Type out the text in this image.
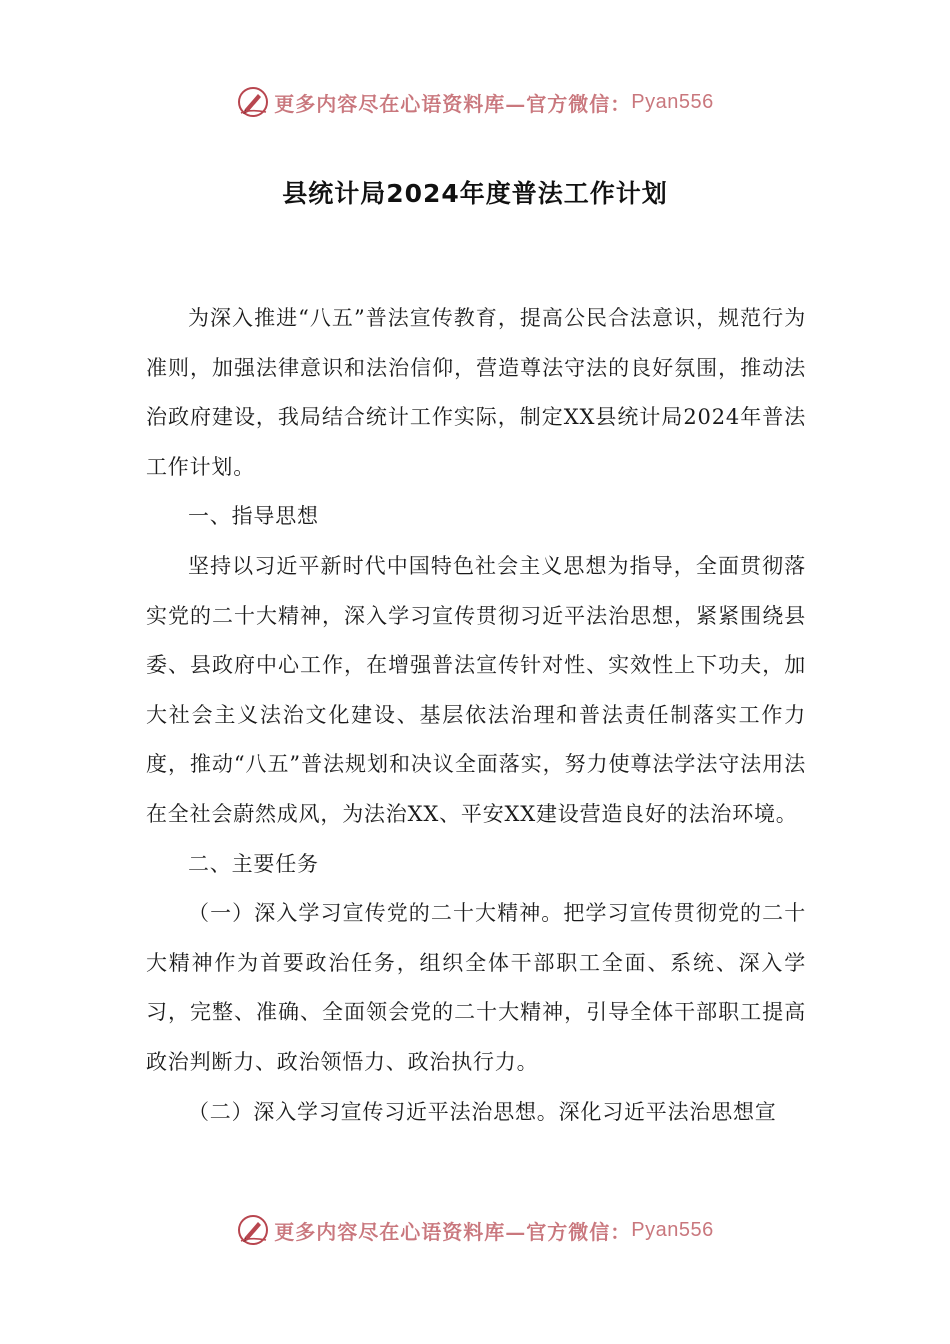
更多内容尽在心语资料库—官方微信： Pyan556
县统计局2024年度普法工作计划

为深入推进“八五”普法宣传教育，提高公民合法意识，规范行为准则，加强法律意识和法治信仰，营造尊法守法的良好氛围，推动法治政府建设，我局结合统计工作实际，制定XX县统计局2024年普法工作计划。

一、指导思想

坚持以习近平新时代中国特色社会主义思想为指导，全面贯彻落实党的二十大精神，深入学习宣传贯彻习近平法治思想，紧紧围绕县委、县政府中心工作，在增强普法宣传针对性、实效性上下功夫，加大社会主义法治文化建设、基层依法治理和普法责任制落实工作力度，推动“八五”普法规划和决议全面落实，努力使尊法学法守法用法在全社会蔚然成风，为法治XX、平安XX建设营造良好的法治环境。

二、主要任务

（一）深入学习宣传党的二十大精神。把学习宣传贯彻党的二十大精神作为首要政治任务，组织全体干部职工全面、系统、深入学习，完整、准确、全面领会党的二十大精神，引导全体干部职工提高政治判断力、政治领悟力、政治执行力。

（二）深入学习宣传习近平法治思想。深化习近平法治思想宣

更多内容尽在心语资料库—官方微信： Pyan556
